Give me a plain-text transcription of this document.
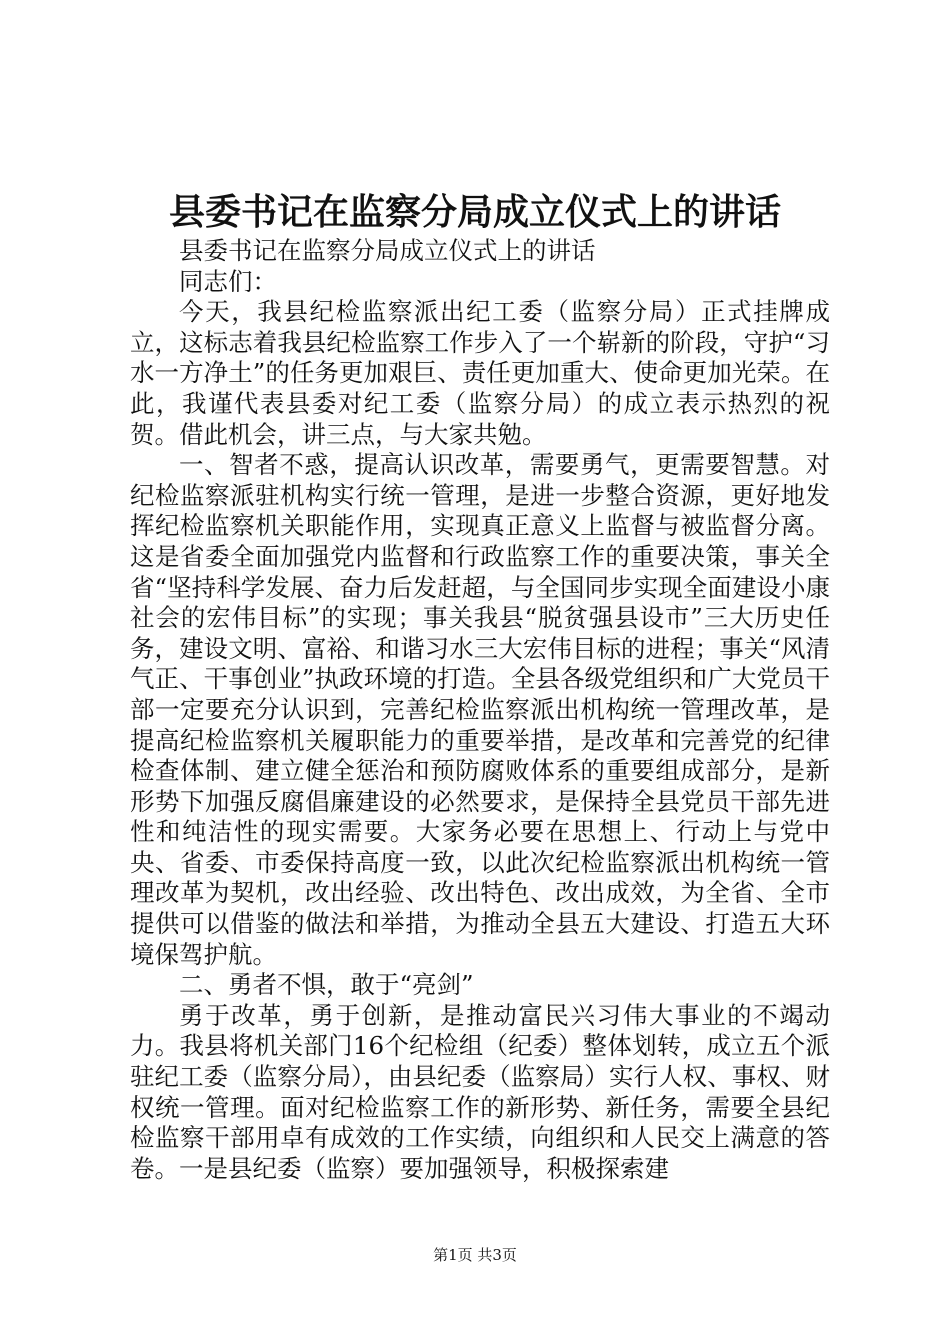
县委书记在监察分局成立仪式上的讲话

县委书记在监察分局成立仪式上的讲话

同志们：

今天，我县纪检监察派出纪工委（监察分局）正式挂牌成立，这标志着我县纪检监察工作步入了一个崭新的阶段，守护“习水一方净土”的任务更加艰巨、责任更加重大、使命更加光荣。在此，我谨代表县委对纪工委（监察分局）的成立表示热烈的祝贺。借此机会，讲三点，与大家共勉。

一、智者不惑，提高认识改革，需要勇气，更需要智慧。对纪检监察派驻机构实行统一管理，是进一步整合资源，更好地发挥纪检监察机关职能作用，实现真正意义上监督与被监督分离。这是省委全面加强党内监督和行政监察工作的重要决策，事关全省“坚持科学发展、奋力后发赶超，与全国同步实现全面建设小康社会的宏伟目标”的实现；事关我县“脱贫强县设市”三大历史任务，建设文明、富裕、和谐习水三大宏伟目标的进程；事关“风清气正、干事创业”执政环境的打造。全县各级党组织和广大党员干部一定要充分认识到，完善纪检监察派出机构统一管理改革，是提高纪检监察机关履职能力的重要举措，是改革和完善党的纪律检查体制、建立健全惩治和预防腐败体系的重要组成部分，是新形势下加强反腐倡廉建设的必然要求，是保持全县党员干部先进性和纯洁性的现实需要。大家务必要在思想上、行动上与党中央、省委、市委保持高度一致，以此次纪检监察派出机构统一管理改革为契机，改出经验、改出特色、改出成效，为全省、全市提供可以借鉴的做法和举措，为推动全县五大建设、打造五大环境保驾护航。

二、勇者不惧，敢于“亮剑”

勇于改革，勇于创新，是推动富民兴习伟大事业的不竭动力。我县将机关部门16个纪检组（纪委）整体划转，成立五个派驻纪工委（监察分局），由县纪委（监察局）实行人权、事权、财权统一管理。面对纪检监察工作的新形势、新任务，需要全县纪检监察干部用卓有成效的工作实绩，向组织和人民交上满意的答卷。一是县纪委（监察）要加强领导，积极探索建

第1页 共3页
